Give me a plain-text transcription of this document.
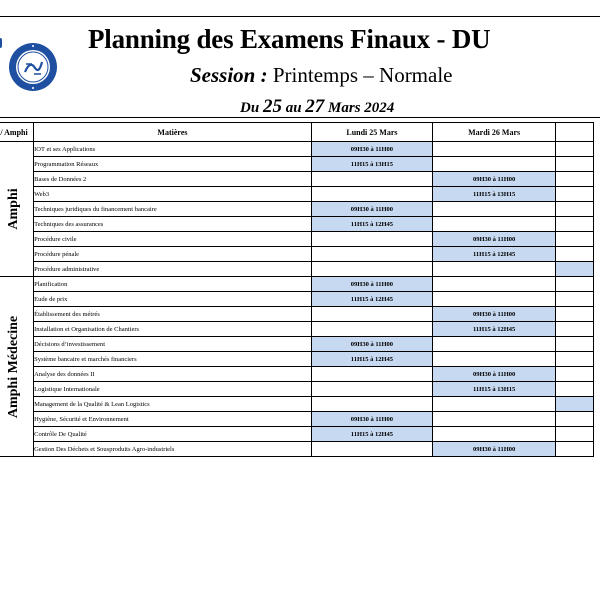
Planning des Examens Finaux - DU
Session : Printemps – Normale
Du 25 au 27 Mars 2024
/ Amphi	Matières	Lundi 25 Mars	Mardi 26 Mars	

Amphi	IOT et ses Applications	09H30 à 11H00		
	Programmation Réseaux	11H15 à 13H15		
	Bases de Données 2		09H30 à 11H00	
	Web3		11H15 à 13H15	
	Techniques juridiques du financement bancaire	09H30 à 11H00		
	Techniques des assurances	11H15 à 12H45		
	Procédure civile		09H30 à 11H00	
	Procédure pénale		11H15 à 12H45	
	Procédure administrative			

Amphi Médecine	Planification	09H30 à 11H00		
	Eude de prix	11H15 à 12H45		
	Établissement des métrés		09H30 à 11H00	
	Installation et Organisation de Chantiers		11H15 à 12H45	
	Décisions d’investissement	09H30 à 11H00		
	Système bancaire et marchés financiers	11H15 à 12H45		
	Analyse des données II		09H30 à 11H00	
	Logistique Internationale		11H15 à 13H15	
	Management de la Qualité & Lean Logistics			
	Hygiène, Sécurité et Environnement	09H30 à 11H00		
	Contrôle De Qualité	11H15 à 12H45		
	Gestion Des Déchets et Sousproduits Agro-industriels		09H30 à 11H00	
